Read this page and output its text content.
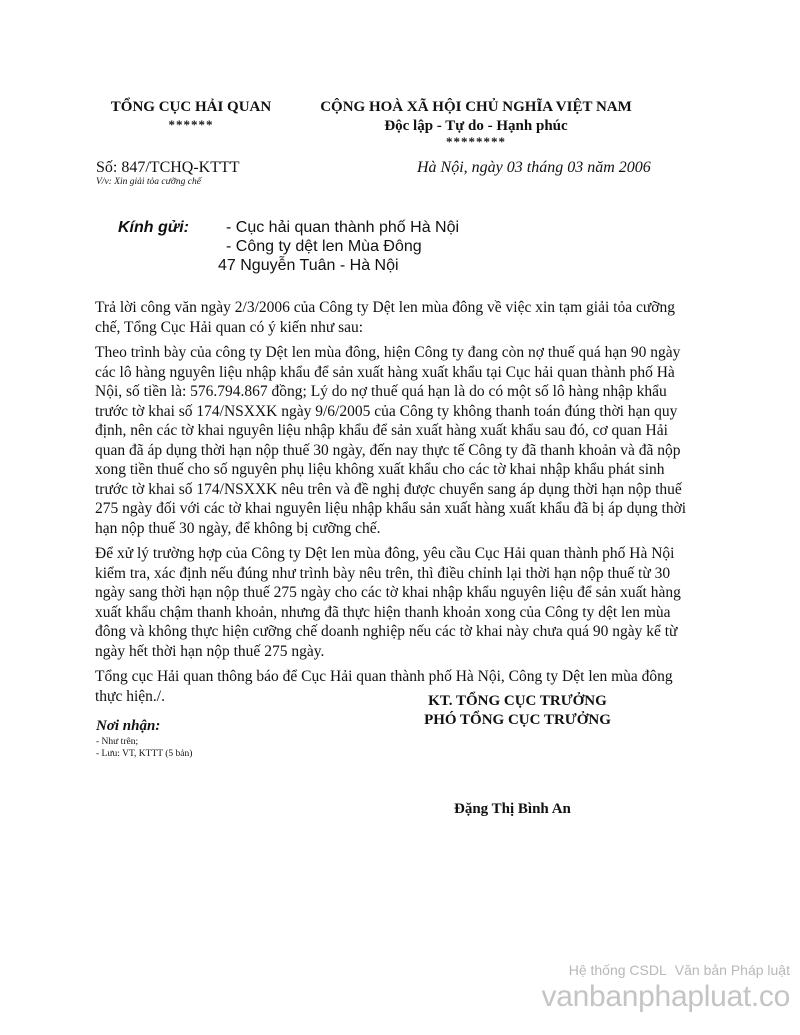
TỔNG CỤC HẢI QUAN
******
CỘNG HOÀ XÃ HỘI CHỦ NGHĨA VIỆT NAM
Độc lập - Tự do - Hạnh phúc
********
Số: 847/TCHQ-KTTT
V/v: Xin giải tỏa cưỡng chế
Hà Nội, ngày 03 tháng 03 năm 2006
Kính gửi: - Cục hải quan thành phố Hà Nội
- Công ty dệt len Mùa Đông
47 Nguyễn Tuân - Hà Nội

Trả lời công văn ngày 2/3/2006 của Công ty Dệt len mùa đông về việc xin tạm giải tỏa cưỡng chế, Tổng Cục Hải quan có ý kiến như sau:

Theo trình bày của công ty Dệt len mùa đông, hiện Công ty đang còn nợ thuế quá hạn 90 ngày các lô hàng nguyên liệu nhập khẩu để sản xuất hàng xuất khẩu tại Cục hải quan thành phố Hà Nội, số tiền là: 576.794.867 đồng; Lý do nợ thuế quá hạn là do có một số lô hàng nhập khẩu trước tờ khai số 174/NSXXK ngày 9/6/2005 của Công ty không thanh toán đúng thời hạn quy định, nên các tờ khai nguyên liệu nhập khẩu để sản xuất hàng xuất khẩu sau đó, cơ quan Hải quan đã áp dụng thời hạn nộp thuế 30 ngày, đến nay thực tế Công ty đã thanh khoản và đã nộp xong tiền thuế cho số nguyên phụ liệu không xuất khẩu cho các tờ khai nhập khẩu phát sinh trước tờ khai số 174/NSXXK nêu trên và đề nghị được chuyển sang áp dụng thời hạn nộp thuế 275 ngày đối với các tờ khai nguyên liệu nhập khẩu sản xuất hàng xuất khẩu đã bị áp dụng thời hạn nộp thuế 30 ngày, để không bị cưỡng chế.

Để xử lý trường hợp của Công ty Dệt len mùa đông, yêu cầu Cục Hải quan thành phố Hà Nội kiểm tra, xác định nếu đúng như trình bày nêu trên, thì điều chỉnh lại thời hạn nộp thuế từ 30 ngày sang thời hạn nộp thuế 275 ngày cho các tờ khai nhập khẩu nguyên liệu để sản xuất hàng xuất khẩu chậm thanh khoản, nhưng đã thực hiện thanh khoản xong của Công ty dệt len mùa đông và không thực hiện cưỡng chế doanh nghiệp nếu các tờ khai này chưa quá 90 ngày kể từ ngày hết thời hạn nộp thuế 275 ngày.

Tổng cục Hải quan thông báo để Cục Hải quan thành phố Hà Nội, Công ty Dệt len mùa đông thực hiện./.	KT. TỔNG CỤC TRƯỞNG
PHÓ TỔNG CỤC TRƯỞNG
Nơi nhận:
- Như trên;
- Lưu: VT, KTTT (5 bản)
Đặng Thị Bình An
Hệ thống CSDL Văn bản Pháp luật
vanbanphapluat.co
